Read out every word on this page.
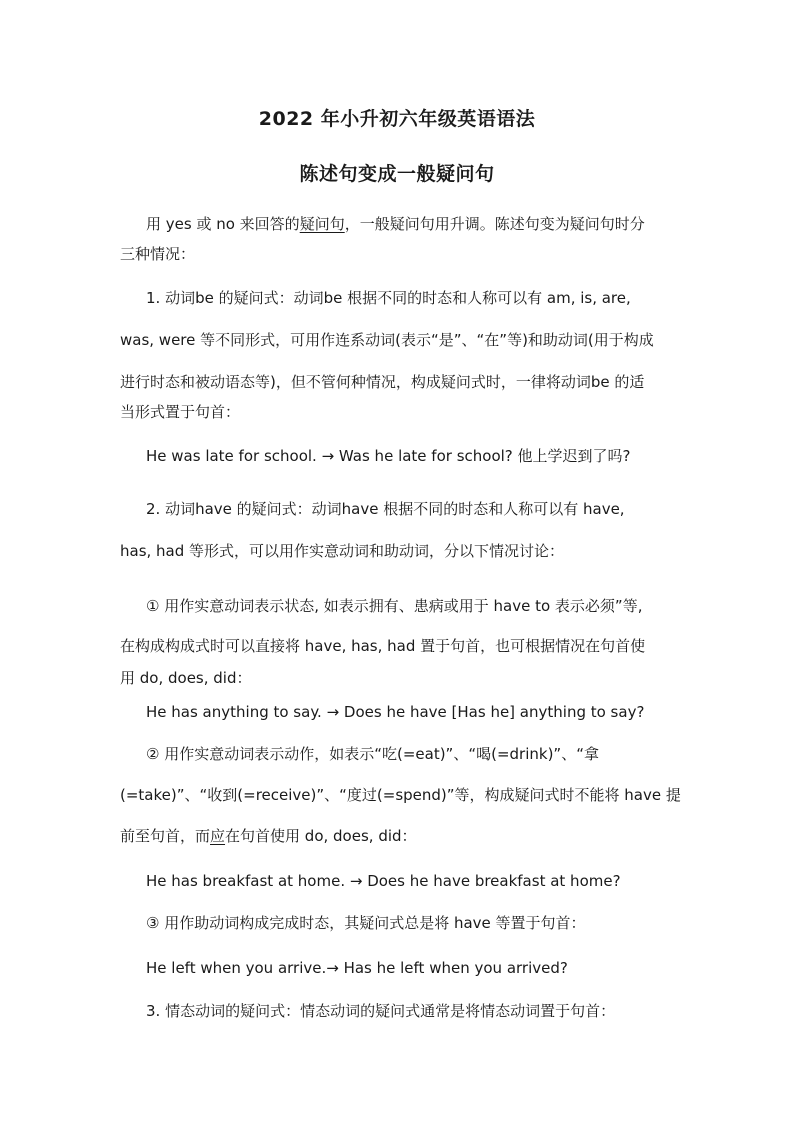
2022 年小升初六年级英语语法
陈述句变成一般疑问句
用 yes 或 no 来回答的疑问句，一般疑问句用升调。陈述句变为疑问句时分
三种情况：
1. 动词be 的疑问式：动词be 根据不同的时态和人称可以有 am, is, are,
was, were 等不同形式，可用作连系动词(表示“是”、“在”等)和助动词(用于构成
进行时态和被动语态等)，但不管何种情况，构成疑问式时，一律将动词be 的适
当形式置于句首：
He was late for school. → Was he late for school? 他上学迟到了吗?
2. 动词have 的疑问式：动词have 根据不同的时态和人称可以有 have,
has, had 等形式，可以用作实意动词和助动词，分以下情况讨论：
① 用作实意动词表示状态, 如表示拥有、患病或用于 have to 表示必须”等,
在构成构成式时可以直接将 have, has, had 置于句首，也可根据情况在句首使
用 do, does, did：
He has anything to say. → Does he have [Has he] anything to say?
② 用作实意动词表示动作，如表示“吃(=eat)”、“喝(=drink)”、“拿
(=take)”、“收到(=receive)”、“度过(=spend)”等，构成疑问式时不能将 have 提
前至句首，而应在句首使用 do, does, did：
He has breakfast at home. → Does he have breakfast at home?
③ 用作助动词构成完成时态，其疑问式总是将 have 等置于句首：
He left when you arrive.→ Has he left when you arrived?
3. 情态动词的疑问式：情态动词的疑问式通常是将情态动词置于句首：
